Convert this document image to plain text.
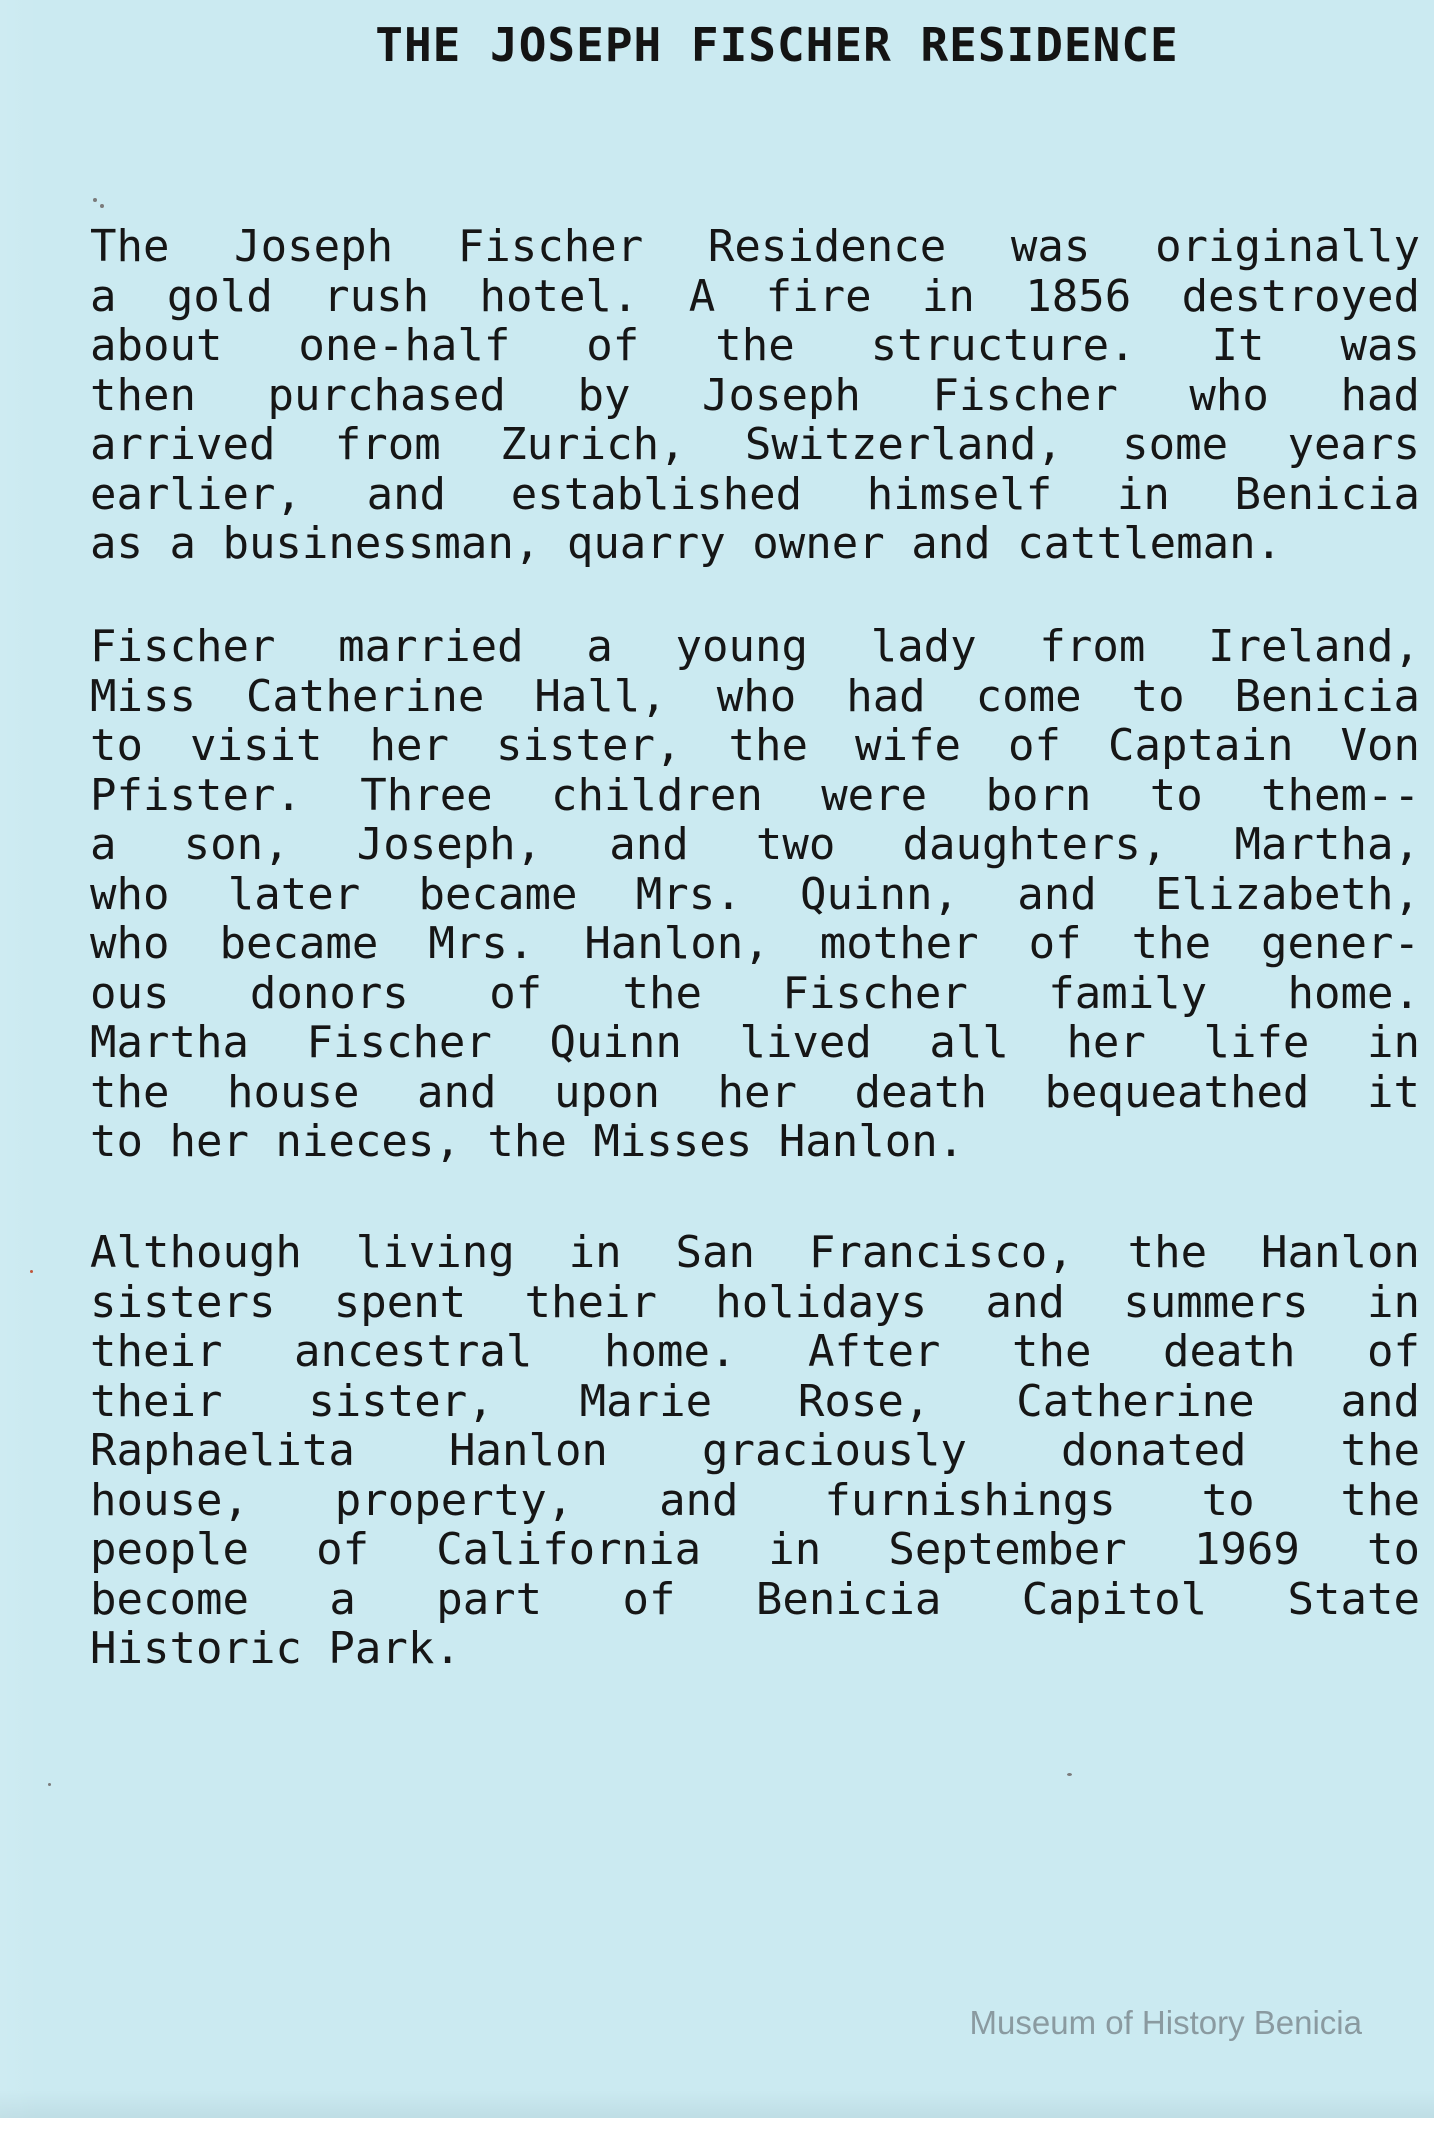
THE JOSEPH FISCHER RESIDENCE
The Joseph Fischer Residence was originally
a gold rush hotel. A fire in 1856 destroyed
about one-half of the structure. It was
then purchased by Joseph Fischer who had
arrived from Zurich, Switzerland, some years
earlier, and established himself in Benicia
as a businessman, quarry owner and cattleman.
Fischer married a young lady from Ireland,
Miss Catherine Hall, who had come to Benicia
to visit her sister, the wife of Captain Von
Pfister. Three children were born to them--
a son, Joseph, and two daughters, Martha,
who later became Mrs. Quinn, and Elizabeth,
who became Mrs. Hanlon, mother of the gener-
ous donors of the Fischer family home.
Martha Fischer Quinn lived all her life in
the house and upon her death bequeathed it
to her nieces, the Misses Hanlon.
Although living in San Francisco, the Hanlon
sisters spent their holidays and summers in
their ancestral home. After the death of
their sister, Marie Rose, Catherine and
Raphaelita Hanlon graciously donated the
house, property, and furnishings to the
people of California in September 1969 to
become a part of Benicia Capitol State
Historic Park.
Museum of History Benicia
